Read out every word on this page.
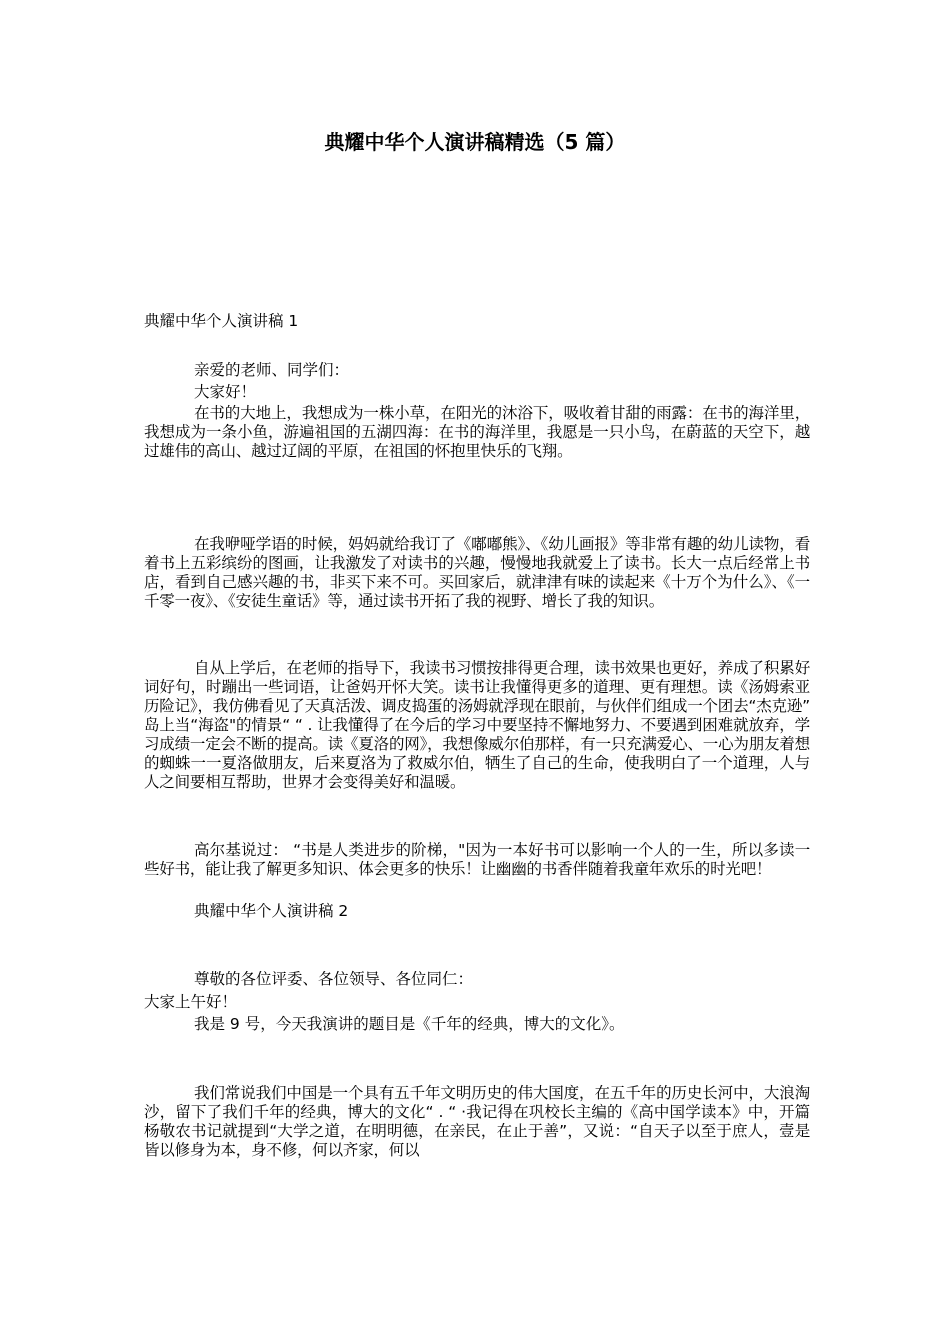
典耀中华个人演讲稿精选（5 篇）

典耀中华个人演讲稿 1

亲爱的老师、同学们：

大家好！

在书的大地上，我想成为一株小草，在阳光的沐浴下，吸收着甘甜的雨露：在书的海洋里，我想成为一条小鱼，游遍祖国的五湖四海：在书的海洋里，我愿是一只小鸟，在蔚蓝的天空下，越过雄伟的高山、越过辽阔的平原，在祖国的怀抱里快乐的飞翔。

在我咿哑学语的时候，妈妈就给我订了《嘟嘟熊》、《幼儿画报》等非常有趣的幼儿读物，看着书上五彩缤纷的图画，让我激发了对读书的兴趣，慢慢地我就爱上了读书。长大一点后经常上书店，看到自己感兴趣的书，非买下来不可。买回家后，就津津有味的读起来《十万个为什么》、《一千零一夜》、《安徒生童话》等，通过读书开拓了我的视野、增长了我的知识。

自从上学后，在老师的指导下，我读书习惯按排得更合理，读书效果也更好，养成了积累好词好句，时蹦出一些词语，让爸妈开怀大笑。读书让我懂得更多的道理、更有理想。读《汤姆索亚历险记》，我仿佛看见了天真活泼、调皮捣蛋的汤姆就浮现在眼前，与伙伴们组成一个团去“杰克逊” 岛上当“海盗"的情景“ “ . 让我懂得了在今后的学习中要坚持不懈地努力、不要遇到困难就放弃，学习成绩一定会不断的提高。读《夏洛的网》，我想像威尔伯那样，有一只充满爱心、一心为朋友着想的蜘蛛一一夏洛做朋友，后来夏洛为了救威尔伯，牺生了自己的生命，使我明白了一个道理，人与人之间要相互帮助，世界才会变得美好和温暖。

高尔基说过： “书是人类进步的阶梯，"因为一本好书可以影响一个人的一生，所以多读一些好书，能让我了解更多知识、体会更多的快乐！让幽幽的书香伴随着我童年欢乐的时光吧！

典耀中华个人演讲稿 2

尊敬的各位评委、各位领导、各位同仁：

大家上午好！

我是 9 号，今天我演讲的题目是《千年的经典，博大的文化》。

我们常说我们中国是一个具有五千年文明历史的伟大国度，在五千年的历史长河中，大浪淘沙，留下了我们千年的经典，博大的文化“ . “ ·我记得在巩校长主编的《高中国学读本》中，开篇杨敬农书记就提到“大学之道，在明明德，在亲民，在止于善”，又说：“自天子以至于庶人，壹是皆以修身为本，身不修，何以齐家，何以
